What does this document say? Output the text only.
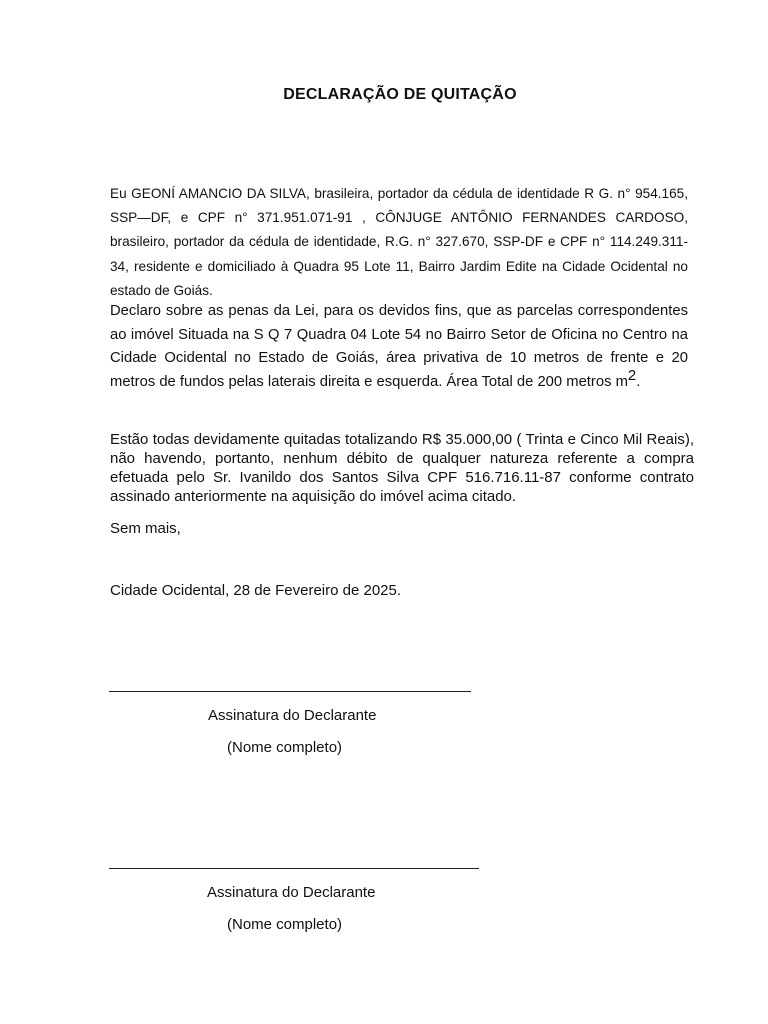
DECLARAÇÃO DE QUITAÇÃO
Eu GEONÍ AMANCIO DA SILVA, brasileira, portador da cédula de identidade R G. n° 954.165, SSP—DF, e CPF n° 371.951.071-91 , CÔNJUGE ANTÔNIO FERNANDES CARDOSO, brasileiro, portador da cédula de identidade, R.G. n° 327.670, SSP-DF e CPF n° 114.249.311-34, residente e domiciliado à Quadra 95 Lote 11, Bairro Jardim Edite na Cidade Ocidental no estado de Goiás.
Declaro sobre as penas da Lei, para os devidos fins, que as parcelas correspondentes ao imóvel Situada na S Q 7 Quadra 04 Lote 54 no Bairro Setor de Oficina no Centro na Cidade Ocidental no Estado de Goiás, área privativa de 10 metros de frente e 20 metros de fundos pelas laterais direita e esquerda. Área Total de 200 metros $m^2$.
Estão todas devidamente quitadas totalizando R$ 35.000,00 ( Trinta e Cinco Mil Reais), não havendo, portanto, nenhum débito de qualquer natureza referente a compra efetuada pelo Sr. Ivanildo dos Santos Silva CPF 516.716.11-87 conforme contrato assinado anteriormente na aquisição do imóvel acima citado.
Sem mais,
Cidade Ocidental, 28 de Fevereiro de 2025.
Assinatura do Declarante
(Nome completo)
Assinatura do Declarante
(Nome completo)
